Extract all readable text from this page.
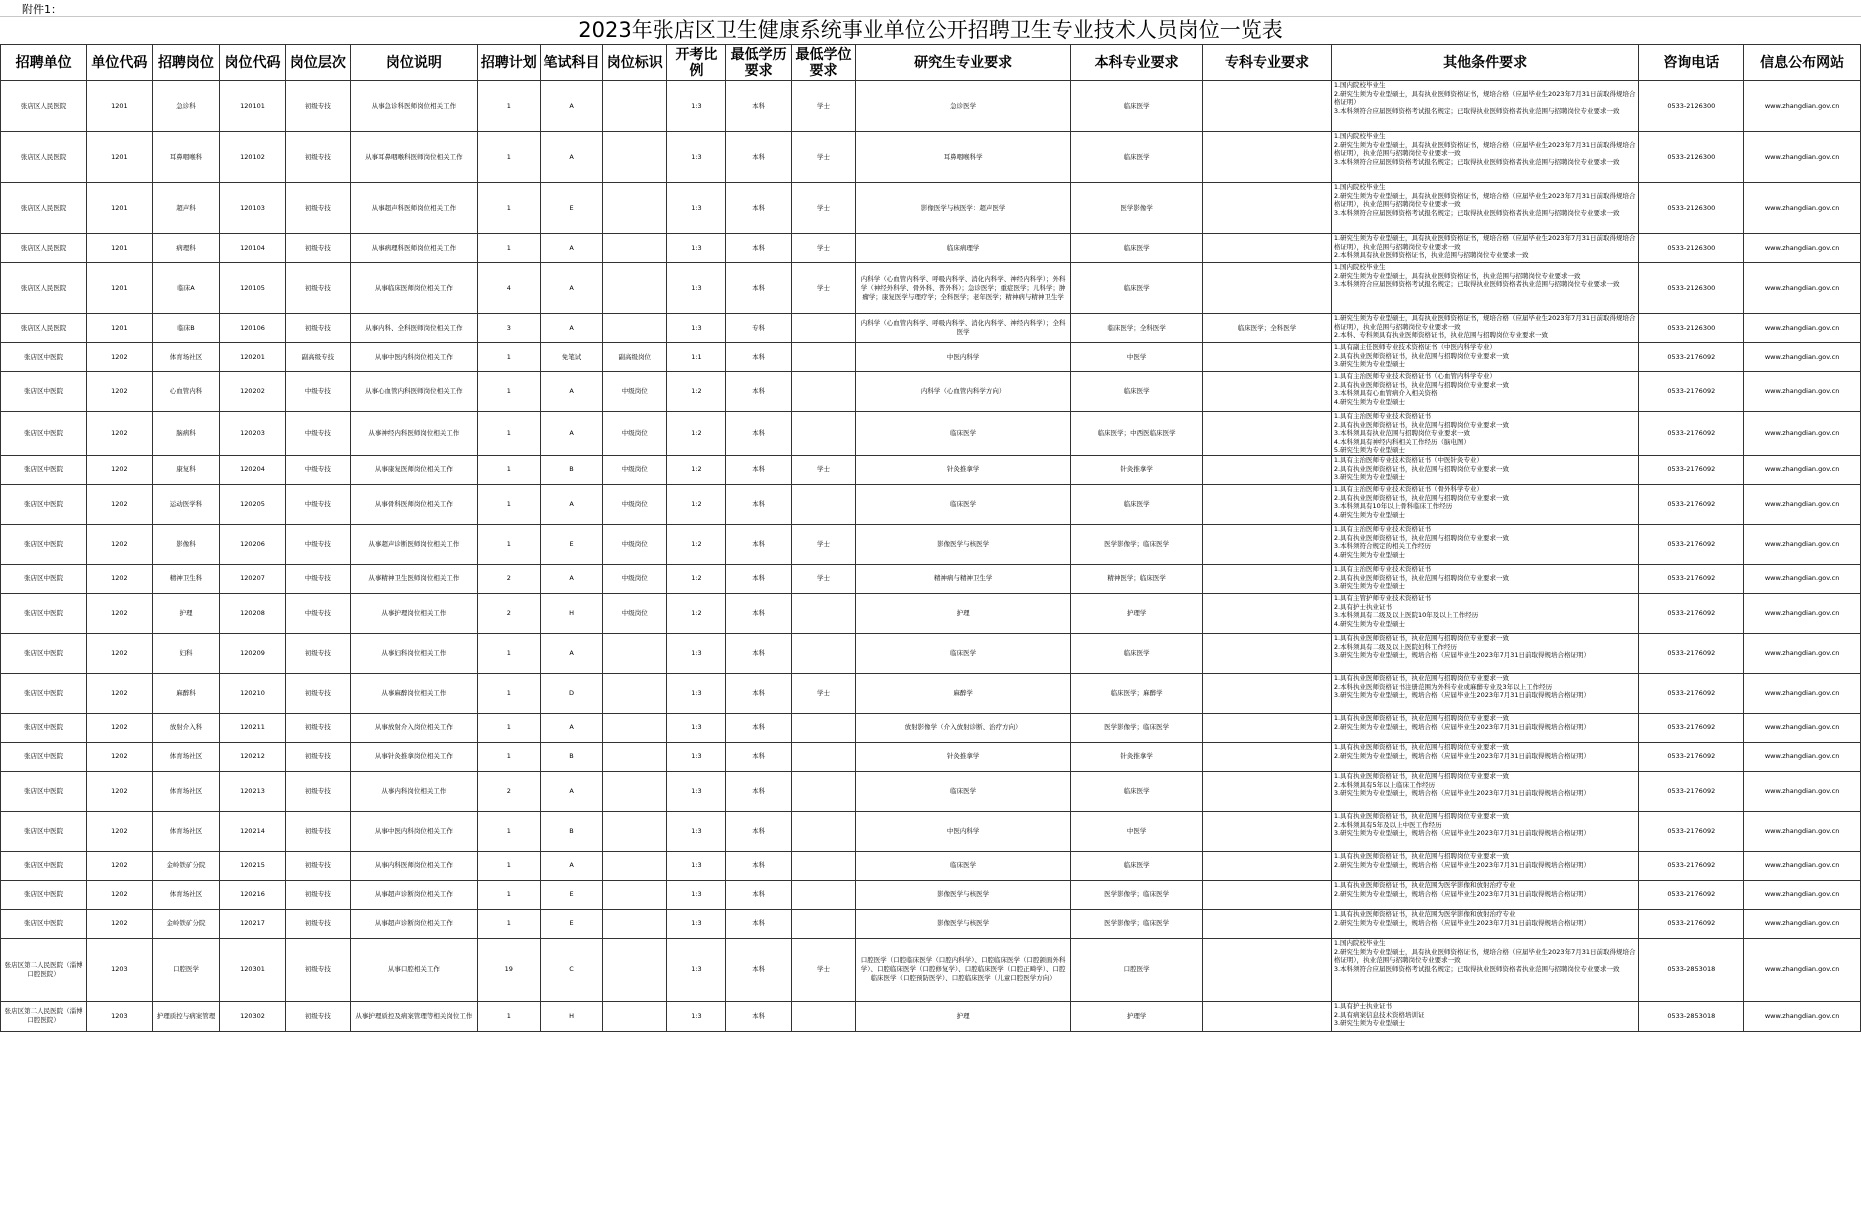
附件1：
2023年张店区卫生健康系统事业单位公开招聘卫生专业技术人员岗位一览表
招聘单位	单位代码	招聘岗位	岗位代码	岗位层次	岗位说明	招聘计划	笔试科目	岗位标识	开考比例	最低学历要求	最低学位要求	研究生专业要求	本科专业要求	专科专业要求	其他条件要求	咨询电话	信息公布网站
张店区人民医院	1201	急诊科	120101	初级专技	从事急诊科医师岗位相关工作	1	A		1:3	本科	学士	急诊医学	临床医学		1.国内院校毕业生
2.研究生须为专业型硕士，具有执业医师资格证书，规培合格（应届毕业生2023年7月31日前取得规培合格证明）
3.本科须符合应届医师资格考试报名规定；已取得执业医师资格者执业范围与招聘岗位专业要求一致	0533-2126300	www.zhangdian.gov.cn
张店区人民医院	1201	耳鼻咽喉科	120102	初级专技	从事耳鼻咽喉科医师岗位相关工作	1	A		1:3	本科	学士	耳鼻咽喉科学	临床医学		1.国内院校毕业生
2.研究生须为专业型硕士，具有执业医师资格证书，规培合格（应届毕业生2023年7月31日前取得规培合格证明），执业范围与招聘岗位专业要求一致
3.本科须符合应届医师资格考试报名规定；已取得执业医师资格者执业范围与招聘岗位专业要求一致	0533-2126300	www.zhangdian.gov.cn
张店区人民医院	1201	超声科	120103	初级专技	从事超声科医师岗位相关工作	1	E		1:3	本科	学士	影像医学与核医学：超声医学	医学影像学		1.国内院校毕业生
2.研究生须为专业型硕士，具有执业医师资格证书，规培合格（应届毕业生2023年7月31日前取得规培合格证明），执业范围与招聘岗位专业要求一致
3.本科须符合应届医师资格考试报名规定；已取得执业医师资格者执业范围与招聘岗位专业要求一致	0533-2126300	www.zhangdian.gov.cn
张店区人民医院	1201	病理科	120104	初级专技	从事病理科医师岗位相关工作	1	A		1:3	本科	学士	临床病理学	临床医学		1.研究生须为专业型硕士，具有执业医师资格证书，规培合格（应届毕业生2023年7月31日前取得规培合格证明），执业范围与招聘岗位专业要求一致
2.本科须具有执业医师资格证书，执业范围与招聘岗位专业要求一致	0533-2126300	www.zhangdian.gov.cn
张店区人民医院	1201	临床A	120105	初级专技	从事临床医师岗位相关工作	4	A		1:3	本科	学士	内科学（心血管内科学、呼吸内科学、消化内科学、神经内科学）；外科学（神经外科学、骨外科、普外科）；急诊医学；重症医学；儿科学；肿瘤学；康复医学与理疗学；全科医学；老年医学；精神病与精神卫生学	临床医学		1.国内院校毕业生
2.研究生须为专业型硕士，具有执业医师资格证书，执业范围与招聘岗位专业要求一致
3.本科须符合应届医师资格考试报名规定；已取得执业医师资格者执业范围与招聘岗位专业要求一致	0533-2126300	www.zhangdian.gov.cn
张店区人民医院	1201	临床B	120106	初级专技	从事内科、全科医师岗位相关工作	3	A		1:3	专科		内科学（心血管内科学、呼吸内科学、消化内科学、神经内科学）；全科医学	临床医学；全科医学	临床医学；全科医学	1.研究生须为专业型硕士，具有执业医师资格证书，规培合格（应届毕业生2023年7月31日前取得规培合格证明），执业范围与招聘岗位专业要求一致
2.本科、专科须具有执业医师资格证书，执业范围与招聘岗位专业要求一致	0533-2126300	www.zhangdian.gov.cn
张店区中医院	1202	体育场社区	120201	副高级专技	从事中医内科岗位相关工作	1	免笔试	副高级岗位	1:1	本科		中医内科学	中医学		1.具有副主任医师专业技术资格证书（中医内科学专业）
2.具有执业医师资格证书，执业范围与招聘岗位专业要求一致
3.研究生须为专业型硕士	0533-2176092	www.zhangdian.gov.cn
张店区中医院	1202	心血管内科	120202	中级专技	从事心血管内科医师岗位相关工作	1	A	中级岗位	1:2	本科		内科学（心血管内科学方向）	临床医学		1.具有主治医师专业技术资格证书（心血管内科学专业）
2.具有执业医师资格证书，执业范围与招聘岗位专业要求一致
3.本科须具有心血管病介入相关资格
4.研究生须为专业型硕士	0533-2176092	www.zhangdian.gov.cn
张店区中医院	1202	脑病科	120203	中级专技	从事神经内科医师岗位相关工作	1	A	中级岗位	1:2	本科		临床医学	临床医学；中西医临床医学		1.具有主治医师专业技术资格证书
2.具有执业医师资格证书，执业范围与招聘岗位专业要求一致
3.本科须具有执业范围与招聘岗位专业要求一致
4.本科须具有神经内科相关工作经历（脑电图）
5.研究生须为专业型硕士	0533-2176092	www.zhangdian.gov.cn
张店区中医院	1202	康复科	120204	中级专技	从事康复医师岗位相关工作	1	B	中级岗位	1:2	本科	学士	针灸推拿学	针灸推拿学		1.具有主治医师专业技术资格证书（中医针灸专业）
2.具有执业医师资格证书，执业范围与招聘岗位专业要求一致
3.研究生须为专业型硕士	0533-2176092	www.zhangdian.gov.cn
张店区中医院	1202	运动医学科	120205	中级专技	从事骨科医师岗位相关工作	1	A	中级岗位	1:2	本科		临床医学	临床医学		1.具有主治医师专业技术资格证书（骨外科学专业）
2.具有执业医师资格证书，执业范围与招聘岗位专业要求一致
3.本科须具有10年以上骨科临床工作经历
4.研究生须为专业型硕士	0533-2176092	www.zhangdian.gov.cn
张店区中医院	1202	影像科	120206	中级专技	从事超声诊断医师岗位相关工作	1	E	中级岗位	1:2	本科	学士	影像医学与核医学	医学影像学；临床医学		1.具有主治医师专业技术资格证书
2.具有执业医师资格证书，执业范围与招聘岗位专业要求一致
3.本科须符合规定的相关工作经历
4.研究生须为专业型硕士	0533-2176092	www.zhangdian.gov.cn
张店区中医院	1202	精神卫生科	120207	中级专技	从事精神卫生医师岗位相关工作	2	A	中级岗位	1:2	本科	学士	精神病与精神卫生学	精神医学；临床医学		1.具有主治医师专业技术资格证书
2.具有执业医师资格证书，执业范围与招聘岗位专业要求一致
3.研究生须为专业型硕士	0533-2176092	www.zhangdian.gov.cn
张店区中医院	1202	护理	120208	中级专技	从事护理岗位相关工作	2	H	中级岗位	1:2	本科		护理	护理学		1.具有主管护师专业技术资格证书
2.具有护士执业证书
3.本科须具有二级及以上医院10年及以上工作经历
4.研究生须为专业型硕士	0533-2176092	www.zhangdian.gov.cn
张店区中医院	1202	妇科	120209	初级专技	从事妇科岗位相关工作	1	A		1:3	本科		临床医学	临床医学		1.具有执业医师资格证书，执业范围与招聘岗位专业要求一致
2.本科须具有二级及以上医院妇科工作经历
3.研究生须为专业型硕士，规培合格（应届毕业生2023年7月31日前取得规培合格证明）	0533-2176092	www.zhangdian.gov.cn
张店区中医院	1202	麻醉科	120210	初级专技	从事麻醉岗位相关工作	1	D		1:3	本科	学士	麻醉学	临床医学；麻醉学		1.具有执业医师资格证书，执业范围与招聘岗位专业要求一致
2.本科执业医师资格证书注册范围为外科专业或麻醉专业及3年以上工作经历
3.研究生须为专业型硕士，规培合格（应届毕业生2023年7月31日前取得规培合格证明）	0533-2176092	www.zhangdian.gov.cn
张店区中医院	1202	放射介入科	120211	初级专技	从事放射介入岗位相关工作	1	A		1:3	本科		放射影像学（介入放射诊断、治疗方向）	医学影像学；临床医学		1.具有执业医师资格证书，执业范围与招聘岗位专业要求一致
2.研究生须为专业型硕士，规培合格（应届毕业生2023年7月31日前取得规培合格证明）	0533-2176092	www.zhangdian.gov.cn
张店区中医院	1202	体育场社区	120212	初级专技	从事针灸推拿岗位相关工作	1	B		1:3	本科		针灸推拿学	针灸推拿学		1.具有执业医师资格证书，执业范围与招聘岗位专业要求一致
2.研究生须为专业型硕士，规培合格（应届毕业生2023年7月31日前取得规培合格证明）	0533-2176092	www.zhangdian.gov.cn
张店区中医院	1202	体育场社区	120213	初级专技	从事内科岗位相关工作	2	A		1:3	本科		临床医学	临床医学		1.具有执业医师资格证书，执业范围与招聘岗位专业要求一致
2.本科须具有5年以上临床工作经历
3.研究生须为专业型硕士，规培合格（应届毕业生2023年7月31日前取得规培合格证明）	0533-2176092	www.zhangdian.gov.cn
张店区中医院	1202	体育场社区	120214	初级专技	从事中医内科岗位相关工作	1	B		1:3	本科		中医内科学	中医学		1.具有执业医师资格证书，执业范围与招聘岗位专业要求一致
2.本科须具有5年及以上中医工作经历
3.研究生须为专业型硕士，规培合格（应届毕业生2023年7月31日前取得规培合格证明）	0533-2176092	www.zhangdian.gov.cn
张店区中医院	1202	金岭铁矿分院	120215	初级专技	从事内科医师岗位相关工作	1	A		1:3	本科		临床医学	临床医学		1.具有执业医师资格证书，执业范围与招聘岗位专业要求一致
2.研究生须为专业型硕士，规培合格（应届毕业生2023年7月31日前取得规培合格证明）	0533-2176092	www.zhangdian.gov.cn
张店区中医院	1202	体育场社区	120216	初级专技	从事超声诊断岗位相关工作	1	E		1:3	本科		影像医学与核医学	医学影像学；临床医学		1.具有执业医师资格证书，执业范围为医学影像和放射治疗专业
2.研究生须为专业型硕士，规培合格（应届毕业生2023年7月31日前取得规培合格证明）	0533-2176092	www.zhangdian.gov.cn
张店区中医院	1202	金岭铁矿分院	120217	初级专技	从事超声诊断岗位相关工作	1	E		1:3	本科		影像医学与核医学	医学影像学；临床医学		1.具有执业医师资格证书，执业范围为医学影像和放射治疗专业
2.研究生须为专业型硕士，规培合格（应届毕业生2023年7月31日前取得规培合格证明）	0533-2176092	www.zhangdian.gov.cn
张店区第二人民医院（淄博口腔医院）	1203	口腔医学	120301	初级专技	从事口腔相关工作	19	C		1:3	本科	学士	口腔医学（口腔临床医学（口腔内科学）、口腔临床医学（口腔颌面外科学）、口腔临床医学（口腔修复学）、口腔临床医学（口腔正畸学）、口腔临床医学（口腔预防医学）、口腔临床医学（儿童口腔医学方向）	口腔医学		1.国内院校毕业生
2.研究生须为专业型硕士，具有执业医师资格证书，规培合格（应届毕业生2023年7月31日前取得规培合格证明），执业范围与招聘岗位专业要求一致
3.本科须符合应届医师资格考试报名规定；已取得执业医师资格者执业范围与招聘岗位专业要求一致	0533-2853018	www.zhangdian.gov.cn
张店区第二人民医院（淄博口腔医院）	1203	护理质控与病案管理	120302	初级专技	从事护理质控及病案管理等相关岗位工作	1	H		1:3	本科		护理	护理学		1.具有护士执业证书
2.具有病案信息技术资格培训证
3.研究生须为专业型硕士	0533-2853018	www.zhangdian.gov.cn
